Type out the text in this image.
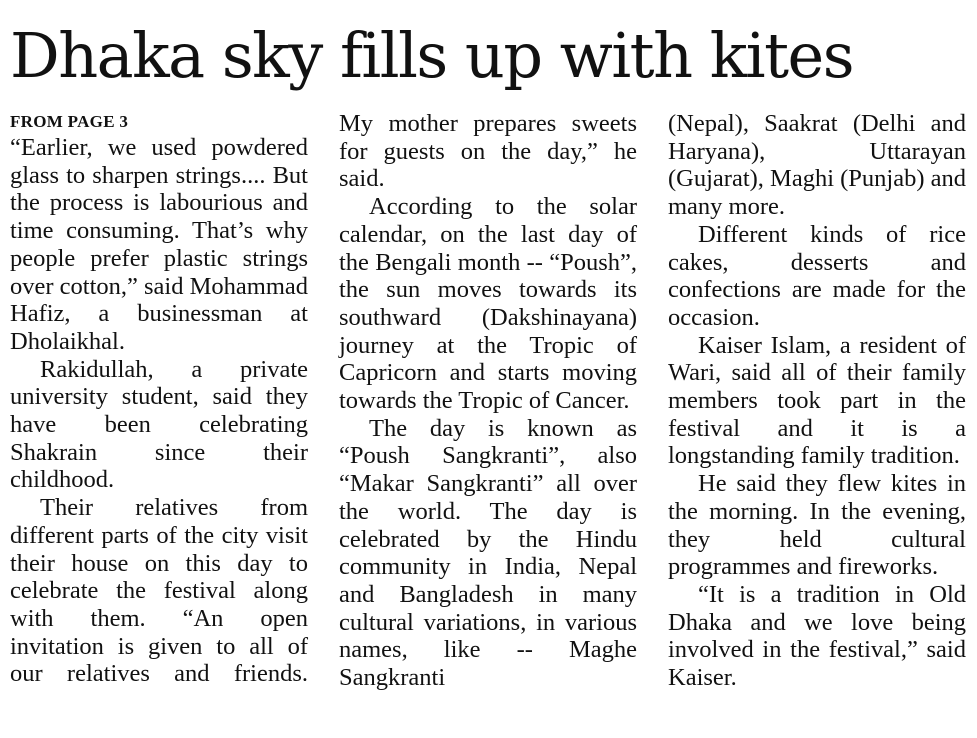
Dhaka sky fills up with kites
FROM PAGE 3

“Earlier, we used powdered glass to sharpen strings.... But the process is labourious and time consuming. That’s why people prefer plastic strings over cotton,” said Mohammad Hafiz, a businessman at Dholaikhal.

Rakidullah, a private university student, said they have been celebrating Shakrain since their childhood.

Their relatives from different parts of the city visit their house on this day to celebrate the festival along with them. “An open invitation is given to all of our relatives and friends.

My mother prepares sweets for guests on the day,” he said.

According to the solar calendar, on the last day of the Bengali month -- “Poush”, the sun moves towards its southward (Dakshinayana) journey at the Tropic of Capricorn and starts moving towards the Tropic of Cancer.

The day is known as “Poush Sangkranti”, also “Makar Sangkranti” all over the world. The day is celebrated by the Hindu community in India, Nepal and Bangladesh in many cultural variations, in various names, like -- Maghe Sangkranti

(Nepal), Saakrat (Delhi and Haryana), Uttarayan (Gujarat), Maghi (Punjab) and many more.

Different kinds of rice cakes, desserts and confections are made for the occasion.

Kaiser Islam, a resident of Wari, said all of their family members took part in the festival and it is a longstanding family tradition.

He said they flew kites in the morning. In the evening, they held cultural programmes and fireworks.

“It is a tradition in Old Dhaka and we love being involved in the festival,” said Kaiser.
